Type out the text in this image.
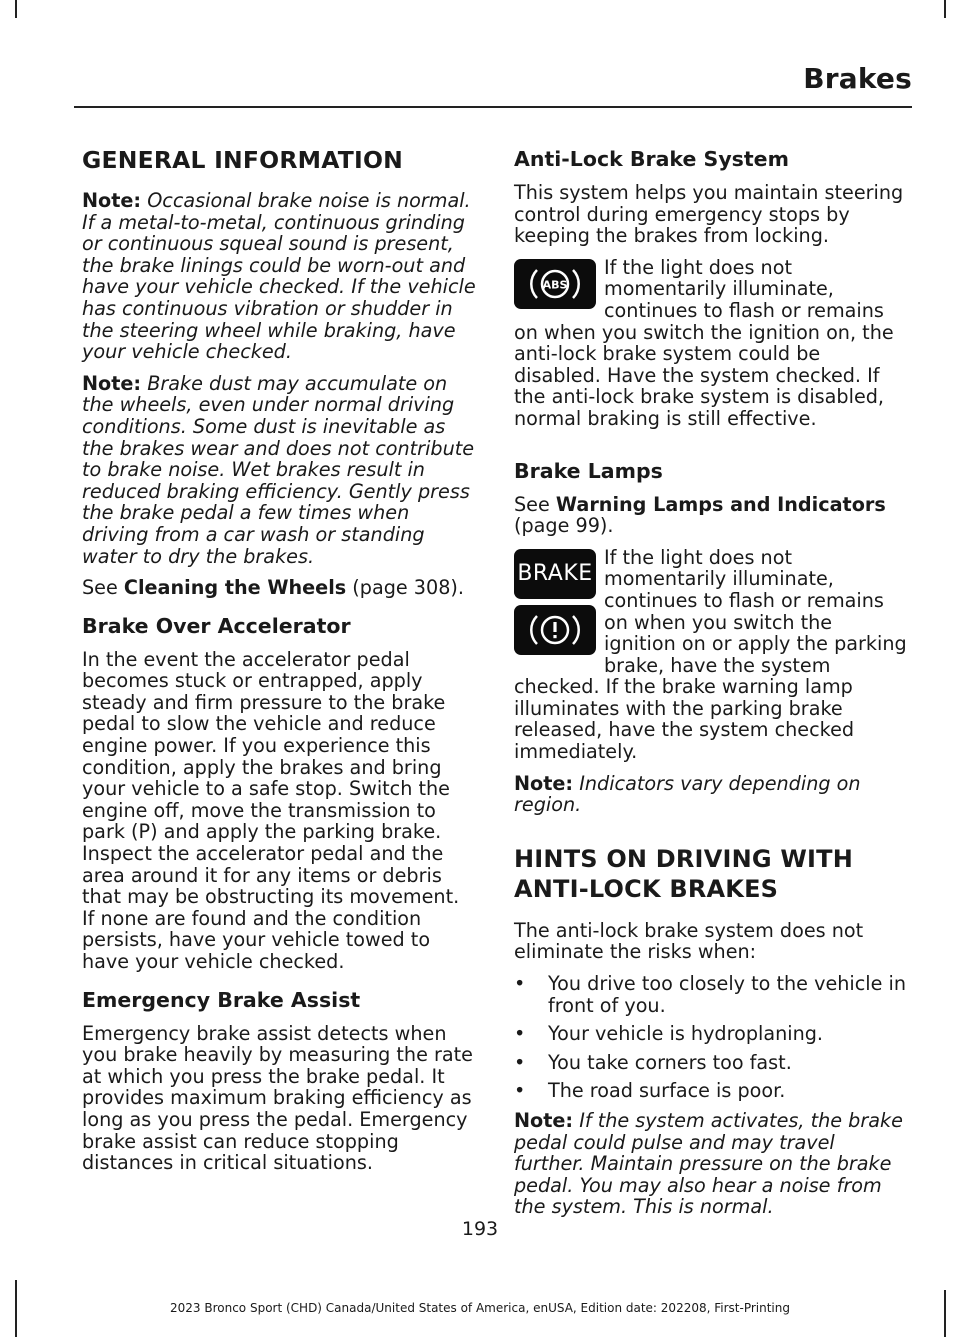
Brakes
GENERAL INFORMATION

Note: Occasional brake noise is normal. If a metal-to-metal, continuous grinding or continuous squeal sound is present, the brake linings could be worn-out and have your vehicle checked. If the vehicle has continuous vibration or shudder in the steering wheel while braking, have your vehicle checked.

Note: Brake dust may accumulate on the wheels, even under normal driving conditions. Some dust is inevitable as the brakes wear and does not contribute to brake noise. Wet brakes result in reduced braking efficiency. Gently press the brake pedal a few times when driving from a car wash or standing water to dry the brakes.

See Cleaning the Wheels (page 308).

Brake Over Accelerator

In the event the accelerator pedal becomes stuck or entrapped, apply steady and firm pressure to the brake pedal to slow the vehicle and reduce engine power. If you experience this condition, apply the brakes and bring your vehicle to a safe stop. Switch the engine off, move the transmission to park (P) and apply the parking brake. Inspect the accelerator pedal and the area around it for any items or debris that may be obstructing its movement. If none are found and the condition persists, have your vehicle towed to have your vehicle checked.

Emergency Brake Assist

Emergency brake assist detects when you brake heavily by measuring the rate at which you press the brake pedal. It provides maximum braking efficiency as long as you press the pedal. Emergency brake assist can reduce stopping distances in critical situations.

Anti-Lock Brake System

This system helps you maintain steering control during emergency stops by keeping the brakes from locking.

ABS

If the light does not momentarily illuminate, continues to flash or remains on when you switch the ignition on, the anti-lock brake system could be disabled. Have the system checked. If the anti-lock brake system is disabled, normal braking is still effective.

Brake Lamps

See Warning Lamps and Indicators (page 99).

BRAKE

If the light does not momentarily illuminate, continues to flash or remains on when you switch the ignition on or apply the parking brake, have the system checked. If the brake warning lamp illuminates with the parking brake released, have the system checked immediately.

Note: Indicators vary depending on region.

HINTS ON DRIVING WITH
ANTI-LOCK BRAKES

The anti-lock brake system does not eliminate the risks when:

• You drive too closely to the vehicle in front of you.
• Your vehicle is hydroplaning.
• You take corners too fast.
• The road surface is poor.

Note: If the system activates, the brake pedal could pulse and may travel further. Maintain pressure on the brake pedal. You may also hear a noise from the system. This is normal.

193
2023 Bronco Sport (CHD) Canada/United States of America, enUSA, Edition date: 202208, First-Printing
